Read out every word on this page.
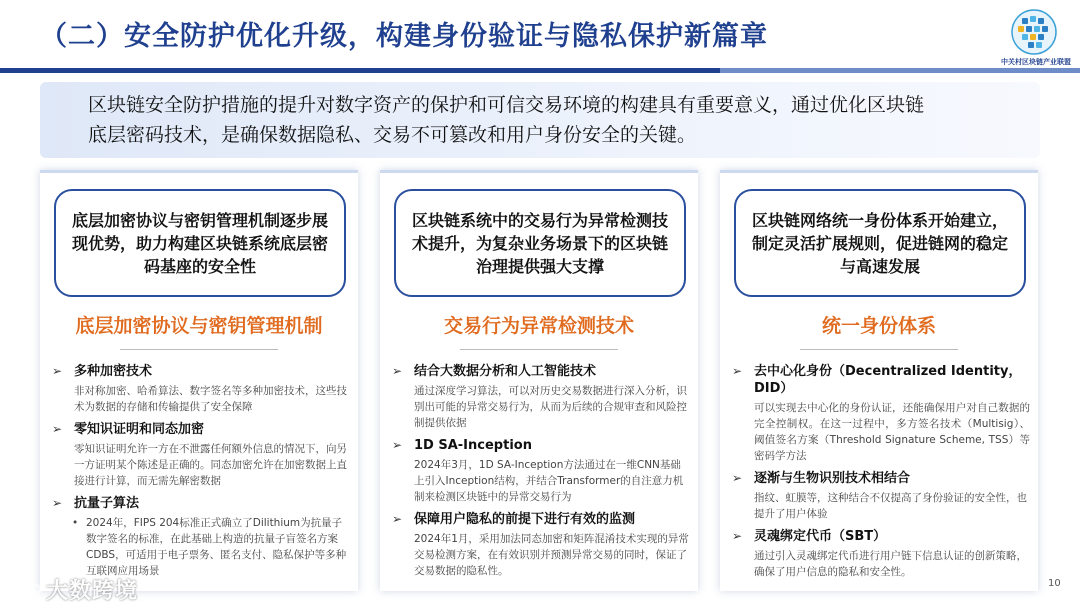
（二）安全防护优化升级，构建身份验证与隐私保护新篇章
中关村区块链产业联盟
区块链安全防护措施的提升对数字资产的保护和可信交易环境的构建具有重要意义，通过优化区块链
底层密码技术，是确保数据隐私、交易不可篡改和用户身份安全的关键。
底层加密协议与密钥管理机制逐步展现优势，助力构建区块链系统底层密码基座的安全性
底层加密协议与密钥管理机制
➢ 多种加密技术
非对称加密、哈希算法、数字签名等多种加密技术，这些技术为数据的存储和传输提供了安全保障
➢ 零知识证明和同态加密
零知识证明允许一方在不泄露任何额外信息的情况下，向另一方证明某个陈述是正确的。同态加密允许在加密数据上直接进行计算，而无需先解密数据
➢ 抗量子算法
• 2024年，FIPS 204标准正式确立了Dilithium为抗量子数字签名的标准，在此基础上构造的抗量子盲签名方案CDBS，可适用于电子票务、匿名支付、隐私保护等多种互联网应用场景
区块链系统中的交易行为异常检测技术提升，为复杂业务场景下的区块链治理提供强大支撑
交易行为异常检测技术
➢ 结合大数据分析和人工智能技术
通过深度学习算法，可以对历史交易数据进行深入分析，识别出可能的异常交易行为，从而为后续的合规审查和风险控制提供依据
➢ 1D SA-Inception
2024年3月，1D SA-Inception方法通过在一维CNN基础上引入Inception结构，并结合Transformer的自注意力机制来检测区块链中的异常交易行为
➢ 保障用户隐私的前提下进行有效的监测
2024年1月，采用加法同态加密和矩阵混淆技术实现的异常交易检测方案，在有效识别并预测异常交易的同时，保证了交易数据的隐私性。
区块链网络统一身份体系开始建立，制定灵活扩展规则，促进链网的稳定与高速发展
统一身份体系
➢ 去中心化身份（Decentralized Identity，DID）
可以实现去中心化的身份认证，还能确保用户对自己数据的完全控制权。在这一过程中，多方签名技术（Multisig）、阈值签名方案（Threshold Signature Scheme, TSS）等密码学方法
➢ 逐渐与生物识别技术相结合
指纹、虹膜等，这种结合不仅提高了身份验证的安全性，也提升了用户体验
➢ 灵魂绑定代币（SBT）
通过引入灵魂绑定代币进行用户链下信息认证的创新策略，确保了用户信息的隐私和安全性。
大数跨境	10
